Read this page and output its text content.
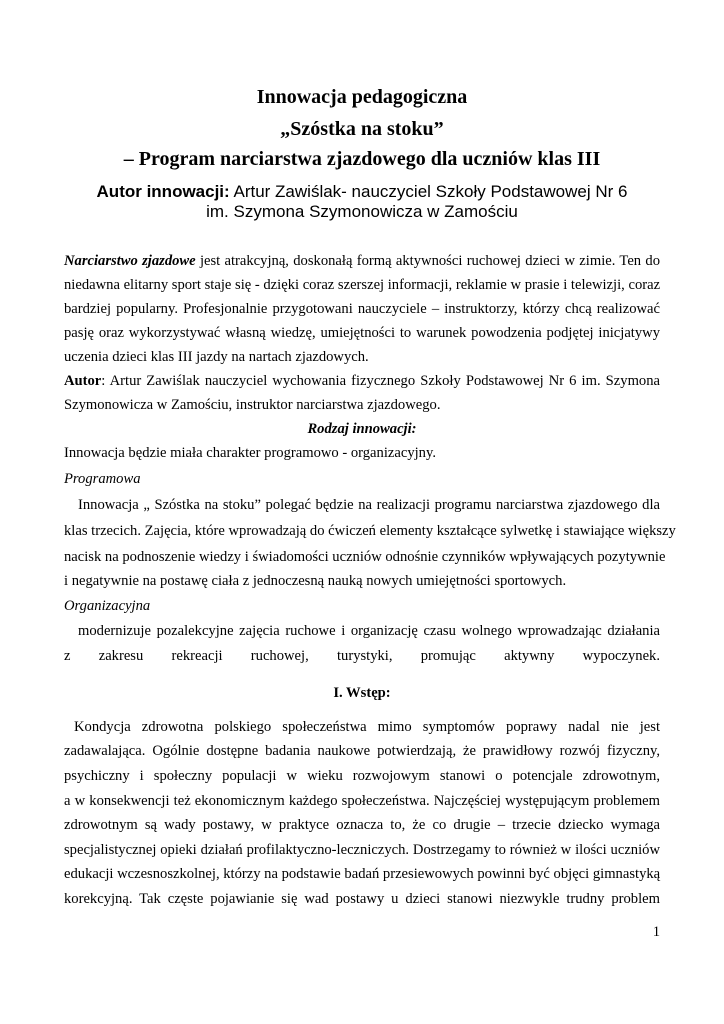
Innowacja pedagogiczna
„Szóstka na stoku”
– Program narciarstwa zjazdowego dla uczniów klas III
Autor innowacji: Artur Zawiślak- nauczyciel Szkoły Podstawowej Nr 6
im. Szymona Szymonowicza w Zamościu
Narciarstwo zjazdowe jest atrakcyjną, doskonałą formą aktywności ruchowej dzieci w zimie. Ten do
niedawna elitarny sport staje się - dzięki coraz szerszej informacji, reklamie w prasie i telewizji, coraz
bardziej popularny. Profesjonalnie przygotowani nauczyciele – instruktorzy, którzy chcą realizować
pasję oraz wykorzystywać własną wiedzę, umiejętności to warunek powodzenia podjętej inicjatywy
uczenia dzieci klas III jazdy na nartach zjazdowych.
Autor: Artur Zawiślak nauczyciel wychowania fizycznego Szkoły Podstawowej Nr 6 im. Szymona
Szymonowicza w Zamościu, instruktor narciarstwa zjazdowego.
Rodzaj innowacji:
Innowacja będzie miała charakter programowo - organizacyjny.
Programowa
Innowacja „ Szóstka na stoku” polegać będzie na realizacji programu narciarstwa zjazdowego dla
klas trzecich. Zajęcia, które wprowadzają do ćwiczeń elementy kształcące sylwetkę i stawiające większy
nacisk na podnoszenie wiedzy i świadomości uczniów odnośnie czynników wpływających pozytywnie
i negatywnie na postawę ciała z jednoczesną nauką nowych umiejętności sportowych.
Organizacyjna
modernizuje pozalekcyjne zajęcia ruchowe i organizację czasu wolnego wprowadzając działania
z zakresu rekreacji ruchowej, turystyki, promując aktywny wypoczynek.
I. Wstęp:
Kondycja zdrowotna polskiego społeczeństwa mimo symptomów poprawy nadal nie jest
zadawalająca. Ogólnie dostępne badania naukowe potwierdzają, że prawidłowy rozwój fizyczny,
psychiczny i społeczny populacji w wieku rozwojowym stanowi o potencjale zdrowotnym,
a w konsekwencji też ekonomicznym każdego społeczeństwa. Najczęściej występującym problemem
zdrowotnym są wady postawy, w praktyce oznacza to, że co drugie – trzecie dziecko wymaga
specjalistycznej opieki działań profilaktyczno-leczniczych. Dostrzegamy to również w ilości uczniów
edukacji wczesnoszkolnej, którzy na podstawie badań przesiewowych powinni być objęci gimnastyką
korekcyjną. Tak częste pojawianie się wad postawy u dzieci stanowi niezwykle trudny problem
1
